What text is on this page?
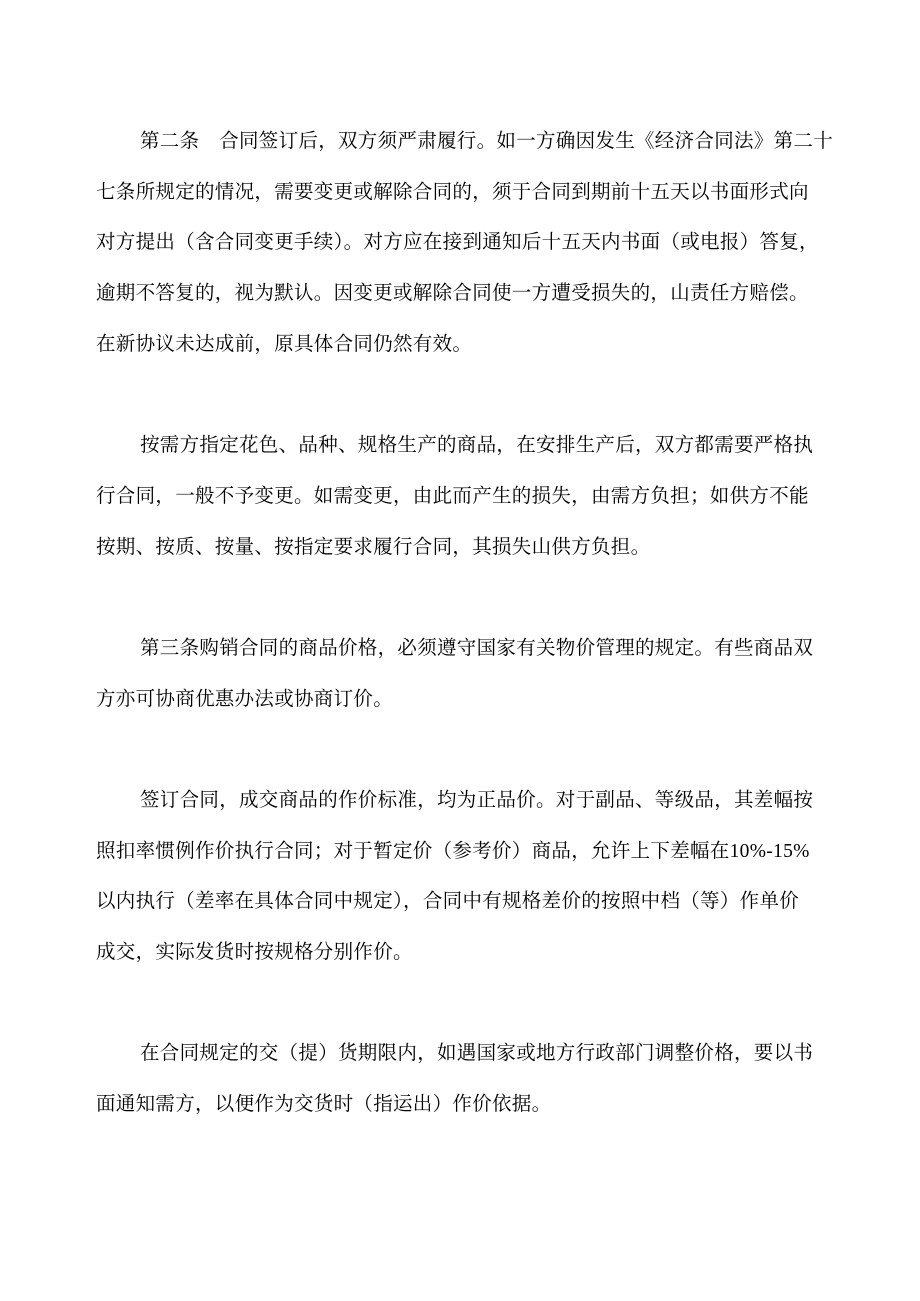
第二条　合同签订后，双方须严肃履行。如一方确因发生《经济合同法》第二十
七条所规定的情况，需要变更或解除合同的，须于合同到期前十五天以书面形式向
对方提出（含合同变更手续）。对方应在接到通知后十五天内书面（或电报）答复，
逾期不答复的，视为默认。因变更或解除合同使一方遭受损失的，山责任方赔偿。
在新协议未达成前，原具体合同仍然有效。
按需方指定花色、品种、规格生产的商品，在安排生产后，双方都需要严格执
行合同，一般不予变更。如需变更，由此而产生的损失，由需方负担；如供方不能
按期、按质、按量、按指定要求履行合同，其损失山供方负担。
第三条购销合同的商品价格，必须遵守国家有关物价管理的规定。有些商品双
方亦可协商优惠办法或协商订价。
签订合同，成交商品的作价标准，均为正品价。对于副品、等级品，其差幅按
照扣率惯例作价执行合同；对于暂定价（参考价）商品，允许上下差幅在10%-15%
以内执行（差率在具体合同中规定），合同中有规格差价的按照中档（等）作单价
成交，实际发货时按规格分别作价。
在合同规定的交（提）货期限内，如遇国家或地方行政部门调整价格，要以书
面通知需方，以便作为交货时（指运出）作价依据。
